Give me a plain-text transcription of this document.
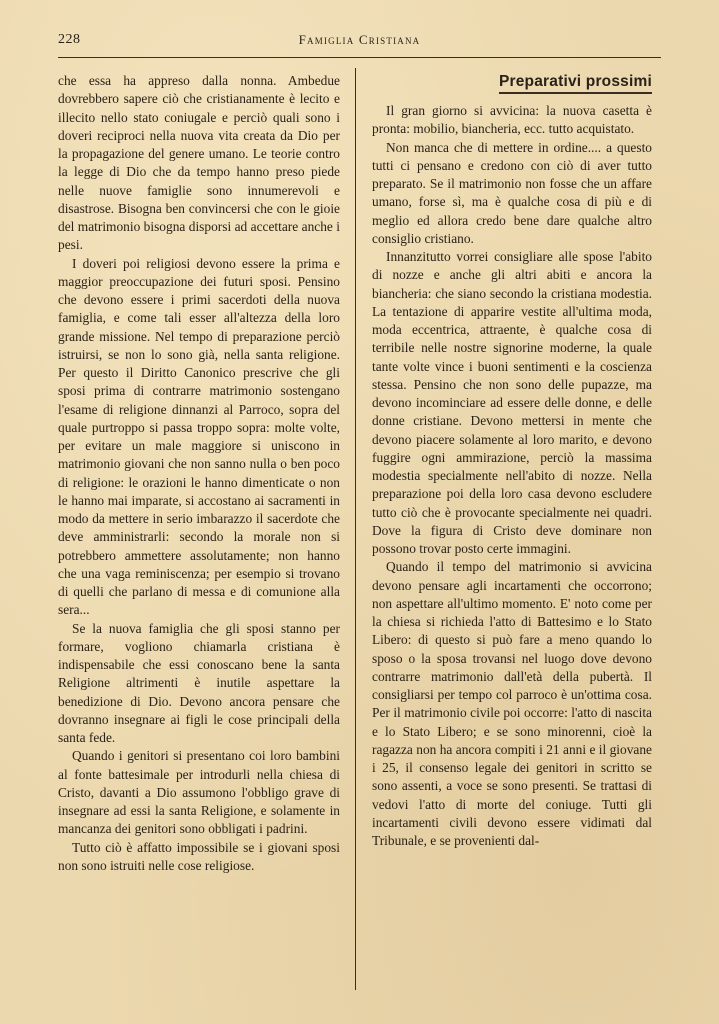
228	Famiglia Cristiana

che essa ha appreso dalla nonna. Ambedue dovrebbero sapere ciò che cristianamente è lecito e illecito nello stato coniugale e perciò quali sono i doveri reciproci nella nuova vita creata da Dio per la propagazione del genere umano. Le teorie contro la legge di Dio che da tempo hanno preso piede nelle nuove famiglie sono innumerevoli e disastrose. Bisogna ben convincersi che con le gioie del matrimonio bisogna disporsi ad accettare anche i pesi.

I doveri poi religiosi devono essere la prima e maggior preoccupazione dei futuri sposi. Pensino che devono essere i primi sacerdoti della nuova famiglia, e come tali esser all'altezza della loro grande missione. Nel tempo di preparazione perciò istruirsi, se non lo sono già, nella santa religione. Per questo il Diritto Canonico prescrive che gli sposi prima di contrarre matrimonio sostengano l'esame di religione dinnanzi al Parroco, sopra del quale purtroppo si passa troppo sopra: molte volte, per evitare un male maggiore si uniscono in matrimonio giovani che non sanno nulla o ben poco di religione: le orazioni le hanno dimenticate o non le hanno mai imparate, si accostano ai sacramenti in modo da mettere in serio imbarazzo il sacerdote che deve amministrarli: secondo la morale non si potrebbero ammettere assolutamente; non hanno che una vaga reminiscenza; per esempio si trovano di quelli che parlano di messa e di comunione alla sera...

Se la nuova famiglia che gli sposi stanno per formare, vogliono chiamarla cristiana è indispensabile che essi conoscano bene la santa Religione altrimenti è inutile aspettare la benedizione di Dio. Devono ancora pensare che dovranno insegnare ai figli le cose principali della santa fede.

Quando i genitori si presentano coi loro bambini al fonte battesimale per introdurli nella chiesa di Cristo, davanti a Dio assumono l'obbligo grave di insegnare ad essi la santa Religione, e solamente in mancanza dei genitori sono obbligati i padrini.

Tutto ciò è affatto impossibile se i giovani sposi non sono istruiti nelle cose religiose.

Preparativi prossimi

Il gran giorno si avvicina: la nuova casetta è pronta: mobilio, biancheria, ecc. tutto acquistato.

Non manca che di mettere in ordine.... a questo tutti ci pensano e credono con ciò di aver tutto preparato. Se il matrimonio non fosse che un affare umano, forse sì, ma è qualche cosa di più e di meglio ed allora credo bene dare qualche altro consiglio cristiano.

Innanzitutto vorrei consigliare alle spose l'abito di nozze e anche gli altri abiti e ancora la biancheria: che siano secondo la cristiana modestia. La tentazione di apparire vestite all'ultima moda, moda eccentrica, attraente, è qualche cosa di terribile nelle nostre signorine moderne, la quale tante volte vince i buoni sentimenti e la coscienza stessa. Pensino che non sono delle pupazze, ma devono incominciare ad essere delle donne, e delle donne cristiane. Devono mettersi in mente che devono piacere solamente al loro marito, e devono fuggire ogni ammirazione, perciò la massima modestia specialmente nell'abito di nozze. Nella preparazione poi della loro casa devono escludere tutto ciò che è provocante specialmente nei quadri. Dove la figura di Cristo deve dominare non possono trovar posto certe immagini.

Quando il tempo del matrimonio si avvicina devono pensare agli incartamenti che occorrono; non aspettare all'ultimo momento. E' noto come per la chiesa si richieda l'atto di Battesimo e lo Stato Libero: di questo si può fare a meno quando lo sposo o la sposa trovansi nel luogo dove devono contrarre matrimonio dall'età della pubertà. Il consigliarsi per tempo col parroco è un'ottima cosa. Per il matrimonio civile poi occorre: l'atto di nascita e lo Stato Libero; e se sono minorenni, cioè la ragazza non ha ancora compiti i 21 anni e il giovane i 25, il consenso legale dei genitori in scritto se sono assenti, a voce se sono presenti. Se trattasi di vedovi l'atto di morte del coniuge. Tutti gli incartamenti civili devono essere vidimati dal Tribunale, e se provenienti dal-
